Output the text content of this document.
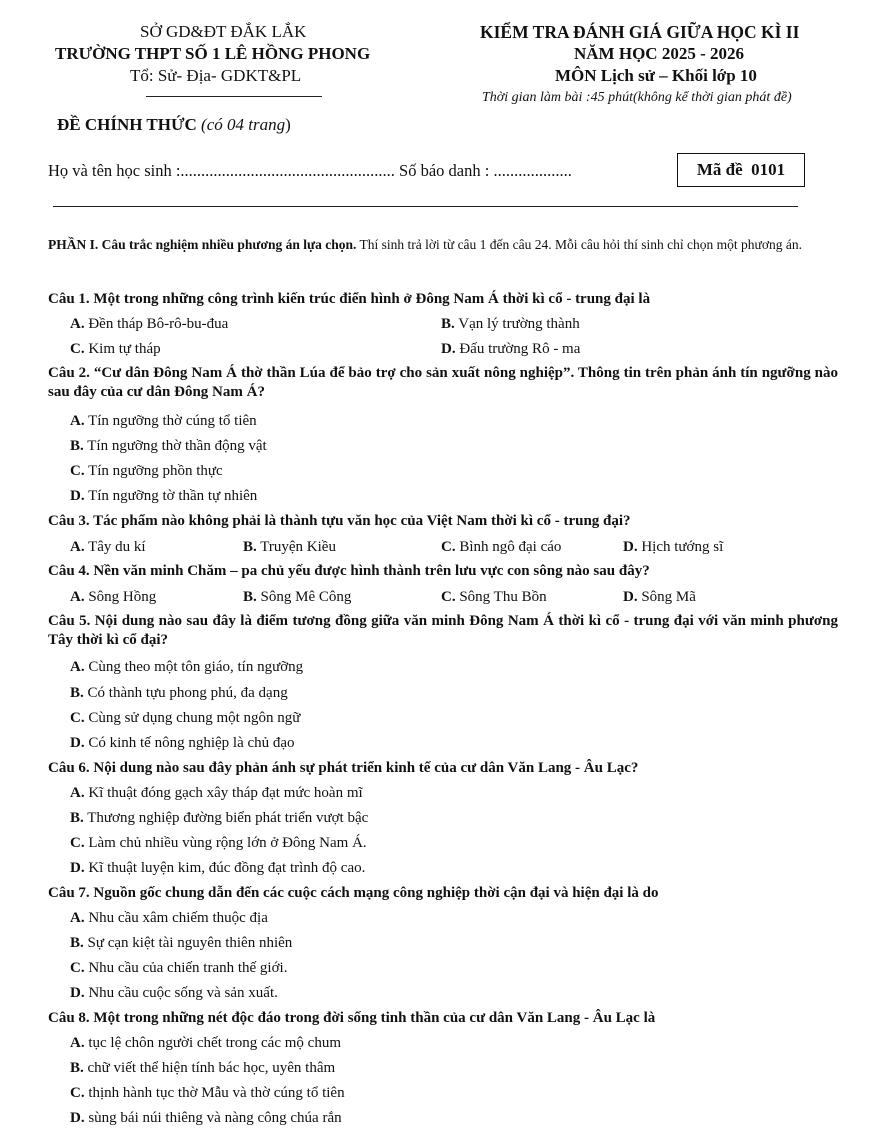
SỞ GD&ĐT ĐẮK LẮK
TRƯỜNG THPT SỐ 1 LÊ HỒNG PHONG
Tổ: Sử- Địa- GDKT&PL
KIỂM TRA ĐÁNH GIÁ GIỮA HỌC KÌ II
NĂM HỌC 2025 - 2026
MÔN Lịch sử – Khối lớp 10
Thời gian làm bài :45 phút(không kể thời gian phát đề)
ĐỀ CHÍNH THỨC (có 04 trang)
Họ và tên học sinh :.................................................... Số báo danh : ...................	Mã đề 0101
PHẦN I. Câu trắc nghiệm nhiều phương án lựa chọn. Thí sinh trả lời từ câu 1 đến câu 24. Mỗi câu hỏi thí sinh chỉ chọn một phương án.
Câu 1. Một trong những công trình kiến trúc điển hình ở Đông Nam Á thời kì cổ - trung đại là
A. Đền tháp Bô-rô-bu-đua	B. Vạn lý trường thành
C. Kim tự tháp	D. Đấu trường Rô - ma
Câu 2. “Cư dân Đông Nam Á thờ thần Lúa để bảo trợ cho sản xuất nông nghiệp”. Thông tin trên phản ánh tín ngưỡng nào sau đây của cư dân Đông Nam Á?
A. Tín ngưỡng thờ cúng tổ tiên
B. Tín ngưỡng thờ thần động vật
C. Tín ngưỡng phồn thực
D. Tín ngưỡng tờ thần tự nhiên
Câu 3. Tác phẩm nào không phải là thành tựu văn học của Việt Nam thời kì cổ - trung đại?
A. Tây du kí	B. Truyện Kiều	C. Bình ngô đại cáo	D. Hịch tướng sĩ
Câu 4. Nền văn minh Chăm – pa chủ yếu được hình thành trên lưu vực con sông nào sau đây?
A. Sông Hồng	B. Sông Mê Công	C. Sông Thu Bồn	D. Sông Mã
Câu 5. Nội dung nào sau đây là điểm tương đồng giữa văn minh Đông Nam Á thời kì cổ - trung đại với văn minh phương Tây thời kì cổ đại?
A. Cùng theo một tôn giáo, tín ngưỡng
B. Có thành tựu phong phú, đa dạng
C. Cùng sử dụng chung một ngôn ngữ
D. Có kinh tế nông nghiệp là chủ đạo
Câu 6. Nội dung nào sau đây phản ánh sự phát triển kinh tế của cư dân Văn Lang - Âu Lạc?
A. Kĩ thuật đóng gạch xây tháp đạt mức hoàn mĩ
B. Thương nghiệp đường biển phát triển vượt bậc
C. Làm chủ nhiều vùng rộng lớn ở Đông Nam Á.
D. Kĩ thuật luyện kim, đúc đồng đạt trình độ cao.
Câu 7. Nguồn gốc chung dẫn đến các cuộc cách mạng công nghiệp thời cận đại và hiện đại là do
A. Nhu cầu xâm chiếm thuộc địa
B. Sự cạn kiệt tài nguyên thiên nhiên
C. Nhu cầu của chiến tranh thế giới.
D. Nhu cầu cuộc sống và sản xuất.
Câu 8. Một trong những nét độc đáo trong đời sống tinh thần của cư dân Văn Lang - Âu Lạc là
A. tục lệ chôn người chết trong các mộ chum
B. chữ viết thể hiện tính bác học, uyên thâm
C. thịnh hành tục thờ Mẫu và thờ cúng tổ tiên
D. sùng bái núi thiêng và nàng công chúa rắn
